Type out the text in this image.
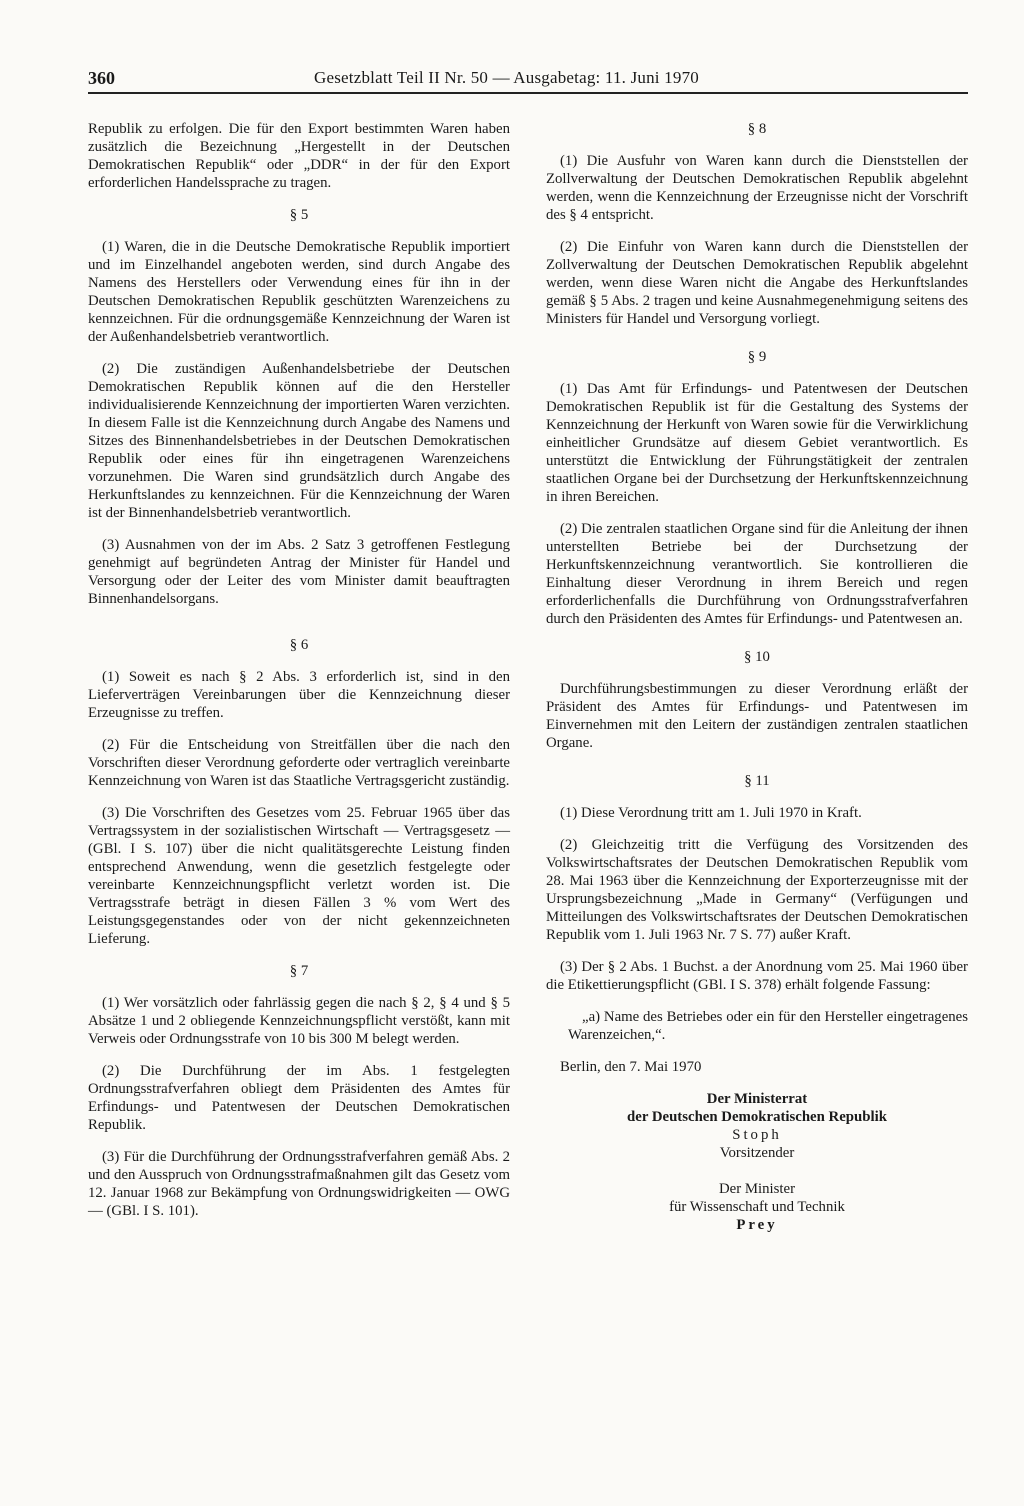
360	Gesetzblatt Teil II Nr. 50 — Ausgabetag: 11. Juni 1970

Republik zu erfolgen. Die für den Export bestimmten Waren haben zusätzlich die Bezeichnung „Hergestellt in der Deutschen Demokratischen Republik“ oder „DDR“ in der für den Export erforderlichen Handelssprache zu tragen.

§ 5

(1) Waren, die in die Deutsche Demokratische Republik importiert und im Einzelhandel angeboten werden, sind durch Angabe des Namens des Herstellers oder Verwendung eines für ihn in der Deutschen Demokratischen Republik geschützten Warenzeichens zu kennzeichnen. Für die ordnungsgemäße Kennzeichnung der Waren ist der Außenhandelsbetrieb verantwortlich.

(2) Die zuständigen Außenhandelsbetriebe der Deutschen Demokratischen Republik können auf die den Hersteller individualisierende Kennzeichnung der importierten Waren verzichten. In diesem Falle ist die Kennzeichnung durch Angabe des Namens und Sitzes des Binnenhandelsbetriebes in der Deutschen Demokratischen Republik oder eines für ihn eingetragenen Warenzeichens vorzunehmen. Die Waren sind grundsätzlich durch Angabe des Herkunftslandes zu kennzeichnen. Für die Kennzeichnung der Waren ist der Binnenhandelsbetrieb verantwortlich.

(3) Ausnahmen von der im Abs. 2 Satz 3 getroffenen Festlegung genehmigt auf begründeten Antrag der Minister für Handel und Versorgung oder der Leiter des vom Minister damit beauftragten Binnenhandelsorgans.

§ 6

(1) Soweit es nach § 2 Abs. 3 erforderlich ist, sind in den Lieferverträgen Vereinbarungen über die Kennzeichnung dieser Erzeugnisse zu treffen.

(2) Für die Entscheidung von Streitfällen über die nach den Vorschriften dieser Verordnung geforderte oder vertraglich vereinbarte Kennzeichnung von Waren ist das Staatliche Vertragsgericht zuständig.

(3) Die Vorschriften des Gesetzes vom 25. Februar 1965 über das Vertragssystem in der sozialistischen Wirtschaft — Vertragsgesetz — (GBl. I S. 107) über die nicht qualitätsgerechte Leistung finden entsprechend Anwendung, wenn die gesetzlich festgelegte oder vereinbarte Kennzeichnungspflicht verletzt worden ist. Die Vertragsstrafe beträgt in diesen Fällen 3 % vom Wert des Leistungsgegenstandes oder von der nicht gekennzeichneten Lieferung.

§ 7

(1) Wer vorsätzlich oder fahrlässig gegen die nach § 2, § 4 und § 5 Absätze 1 und 2 obliegende Kennzeichnungspflicht verstößt, kann mit Verweis oder Ordnungsstrafe von 10 bis 300 M belegt werden.

(2) Die Durchführung der im Abs. 1 festgelegten Ordnungsstrafverfahren obliegt dem Präsidenten des Amtes für Erfindungs- und Patentwesen der Deutschen Demokratischen Republik.

(3) Für die Durchführung der Ordnungsstrafverfahren gemäß Abs. 2 und den Ausspruch von Ordnungsstrafmaßnahmen gilt das Gesetz vom 12. Januar 1968 zur Bekämpfung von Ordnungswidrigkeiten — OWG — (GBl. I S. 101).

§ 8

(1) Die Ausfuhr von Waren kann durch die Dienststellen der Zollverwaltung der Deutschen Demokratischen Republik abgelehnt werden, wenn die Kennzeichnung der Erzeugnisse nicht der Vorschrift des § 4 entspricht.

(2) Die Einfuhr von Waren kann durch die Dienststellen der Zollverwaltung der Deutschen Demokratischen Republik abgelehnt werden, wenn diese Waren nicht die Angabe des Herkunftslandes gemäß § 5 Abs. 2 tragen und keine Ausnahmegenehmigung seitens des Ministers für Handel und Versorgung vorliegt.

§ 9

(1) Das Amt für Erfindungs- und Patentwesen der Deutschen Demokratischen Republik ist für die Gestaltung des Systems der Kennzeichnung der Herkunft von Waren sowie für die Verwirklichung einheitlicher Grundsätze auf diesem Gebiet verantwortlich. Es unterstützt die Entwicklung der Führungstätigkeit der zentralen staatlichen Organe bei der Durchsetzung der Herkunftskennzeichnung in ihren Bereichen.

(2) Die zentralen staatlichen Organe sind für die Anleitung der ihnen unterstellten Betriebe bei der Durchsetzung der Herkunftskennzeichnung verantwortlich. Sie kontrollieren die Einhaltung dieser Verordnung in ihrem Bereich und regen erforderlichenfalls die Durchführung von Ordnungsstrafverfahren durch den Präsidenten des Amtes für Erfindungs- und Patentwesen an.

§ 10

Durchführungsbestimmungen zu dieser Verordnung erläßt der Präsident des Amtes für Erfindungs- und Patentwesen im Einvernehmen mit den Leitern der zuständigen zentralen staatlichen Organe.

§ 11

(1) Diese Verordnung tritt am 1. Juli 1970 in Kraft.

(2) Gleichzeitig tritt die Verfügung des Vorsitzenden des Volkswirtschaftsrates der Deutschen Demokratischen Republik vom 28. Mai 1963 über die Kennzeichnung der Exporterzeugnisse mit der Ursprungsbezeichnung „Made in Germany“ (Verfügungen und Mitteilungen des Volkswirtschaftsrates der Deutschen Demokratischen Republik vom 1. Juli 1963 Nr. 7 S. 77) außer Kraft.

(3) Der § 2 Abs. 1 Buchst. a der Anordnung vom 25. Mai 1960 über die Etikettierungspflicht (GBl. I S. 378) erhält folgende Fassung:

„a) Name des Betriebes oder ein für den Hersteller eingetragenes Warenzeichen,“.

Berlin, den 7. Mai 1970

Der Ministerrat
der Deutschen Demokratischen Republik
Stoph
Vorsitzender
Der Minister
für Wissenschaft und Technik
Prey
